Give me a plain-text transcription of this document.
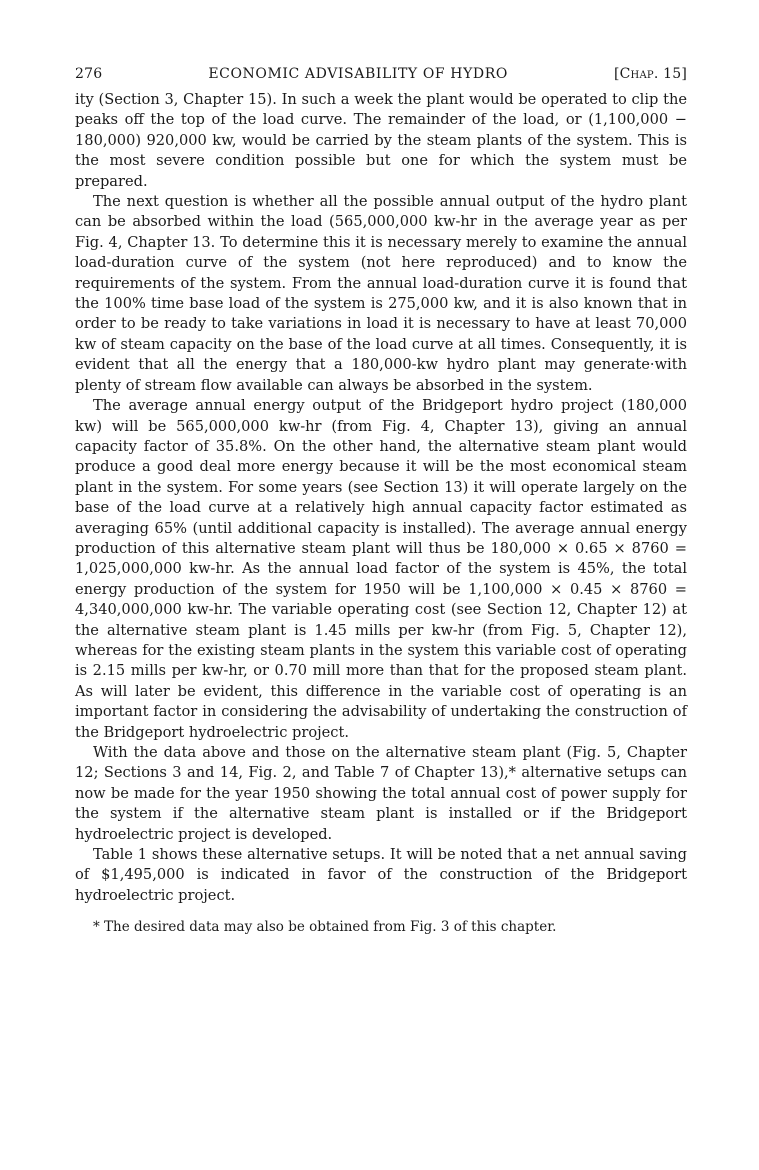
276	ECONOMIC ADVISABILITY OF HYDRO	[Chap. 15]

ity (Section 3, Chapter 15). In such a week the plant would be operated to clip the peaks off the top of the load curve. The remainder of the load, or (1,100,000 − 180,000) 920,000 kw, would be carried by the steam plants of the system. This is the most severe condition possible but one for which the system must be prepared.

The next question is whether all the possible annual output of the hydro plant can be absorbed within the load (565,000,000 kw-hr in the average year as per Fig. 4, Chapter 13. To determine this it is necessary merely to examine the annual load-duration curve of the system (not here reproduced) and to know the requirements of the system. From the annual load-duration curve it is found that the 100% time base load of the system is 275,000 kw, and it is also known that in order to be ready to take variations in load it is necessary to have at least 70,000 kw of steam capacity on the base of the load curve at all times. Consequently, it is evident that all the energy that a 180,000-kw hydro plant may generate·with plenty of stream flow available can always be absorbed in the system.

The average annual energy output of the Bridgeport hydro project (180,000 kw) will be 565,000,000 kw-hr (from Fig. 4, Chapter 13), giving an annual capacity factor of 35.8%. On the other hand, the alternative steam plant would produce a good deal more energy because it will be the most economical steam plant in the system. For some years (see Section 13) it will operate largely on the base of the load curve at a relatively high annual capacity factor estimated as averaging 65% (until additional capacity is installed). The average annual energy production of this alternative steam plant will thus be 180,000 × 0.65 × 8760 = 1,025,000,000 kw-hr. As the annual load factor of the system is 45%, the total energy production of the system for 1950 will be 1,100,000 × 0.45 × 8760 = 4,340,000,000 kw-hr. The variable operating cost (see Section 12, Chapter 12) at the alternative steam plant is 1.45 mills per kw-hr (from Fig. 5, Chapter 12), whereas for the existing steam plants in the system this variable cost of operating is 2.15 mills per kw-hr, or 0.70 mill more than that for the proposed steam plant. As will later be evident, this difference in the variable cost of operating is an important factor in considering the advisability of undertaking the construction of the Bridgeport hydroelectric project.

With the data above and those on the alternative steam plant (Fig. 5, Chapter 12; Sections 3 and 14, Fig. 2, and Table 7 of Chapter 13),* alternative setups can now be made for the year 1950 showing the total annual cost of power supply for the system if the alternative steam plant is installed or if the Bridgeport hydroelectric project is developed.

Table 1 shows these alternative setups. It will be noted that a net annual saving of $1,495,000 is indicated in favor of the construction of the Bridgeport hydroelectric project.

* The desired data may also be obtained from Fig. 3 of this chapter.
